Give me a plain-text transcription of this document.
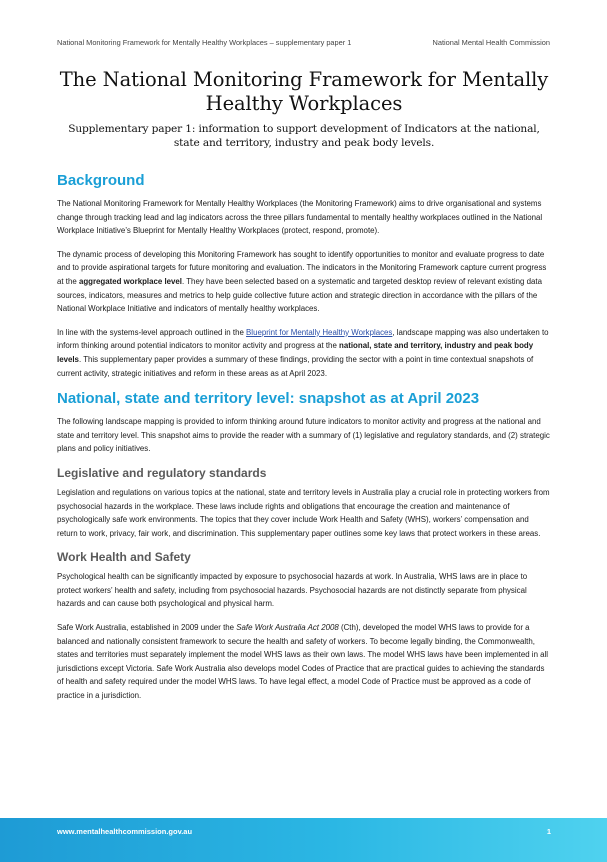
National Monitoring Framework for Mentally Healthy Workplaces – supplementary paper 1	National Mental Health Commission
The National Monitoring Framework for Mentally Healthy Workplaces
Supplementary paper 1: information to support development of Indicators at the national, state and territory, industry and peak body levels.
Background

The National Monitoring Framework for Mentally Healthy Workplaces (the Monitoring Framework) aims to drive organisational and systems change through tracking lead and lag indicators across the three pillars fundamental to mentally healthy workplaces outlined in the National Workplace Initiative’s Blueprint for Mentally Healthy Workplaces (protect, respond, promote).

The dynamic process of developing this Monitoring Framework has sought to identify opportunities to monitor and evaluate progress to date and to provide aspirational targets for future monitoring and evaluation. The indicators in the Monitoring Framework capture current progress at the aggregated workplace level. They have been selected based on a systematic and targeted desktop review of relevant existing data sources, indicators, measures and metrics to help guide collective future action and strategic direction in accordance with the pillars of the National Workplace Initiative and indicators of mentally healthy workplaces.

In line with the systems-level approach outlined in the Blueprint for Mentally Healthy Workplaces, landscape mapping was also undertaken to inform thinking around potential indicators to monitor activity and progress at the national, state and territory, industry and peak body levels. This supplementary paper provides a summary of these findings, providing the sector with a point in time contextual snapshots of current activity, strategic initiatives and reform in these areas as at April 2023.

National, state and territory level: snapshot as at April 2023

The following landscape mapping is provided to inform thinking around future indicators to monitor activity and progress at the national and state and territory level. This snapshot aims to provide the reader with a summary of (1) legislative and regulatory standards, and (2) strategic plans and policy initiatives.

Legislative and regulatory standards

Legislation and regulations on various topics at the national, state and territory levels in Australia play a crucial role in protecting workers from psychosocial hazards in the workplace. These laws include rights and obligations that encourage the creation and maintenance of psychologically safe work environments. The topics that they cover include Work Health and Safety (WHS), workers’ compensation and return to work, privacy, fair work, and discrimination. This supplementary paper outlines some key laws that protect workers in these areas.

Work Health and Safety

Psychological health can be significantly impacted by exposure to psychosocial hazards at work. In Australia, WHS laws are in place to protect workers’ health and safety, including from psychosocial hazards. Psychosocial hazards are not distinctly separate from physical hazards and can cause both psychological and physical harm.

Safe Work Australia, established in 2009 under the Safe Work Australia Act 2008 (Cth), developed the model WHS laws to provide for a balanced and nationally consistent framework to secure the health and safety of workers. To become legally binding, the Commonwealth, states and territories must separately implement the model WHS laws as their own laws. The model WHS laws have been implemented in all jurisdictions except Victoria. Safe Work Australia also develops model Codes of Practice that are practical guides to achieving the standards of health and safety required under the model WHS laws. To have legal effect, a model Code of Practice must be approved as a code of practice in a jurisdiction.

www.mentalhealthcommission.gov.au	1
